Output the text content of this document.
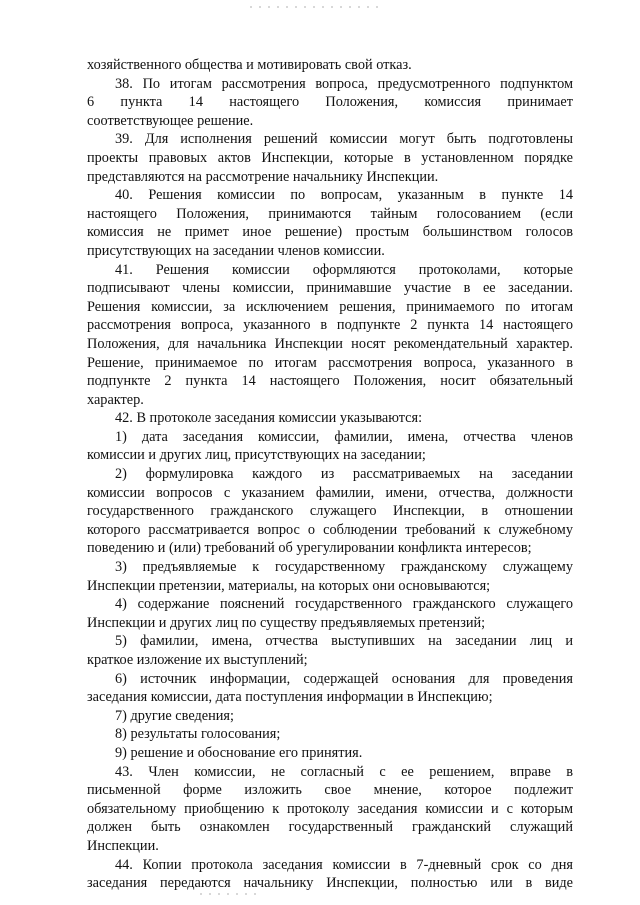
хозяйственного общества и мотивировать свой отказ.
38. По итогам рассмотрения вопроса, предусмотренного подпунктом
6 пункта 14 настоящего Положения, комиссия принимает
соответствующее решение.
39. Для исполнения решений комиссии могут быть подготовлены
проекты правовых актов Инспекции, которые в установленном порядке
представляются на рассмотрение начальнику Инспекции.
40. Решения комиссии по вопросам, указанным в пункте 14
настоящего Положения, принимаются тайным голосованием (если
комиссия не примет иное решение) простым большинством голосов
присутствующих на заседании членов комиссии.
41. Решения комиссии оформляются протоколами, которые
подписывают члены комиссии, принимавшие участие в ее заседании.
Решения комиссии, за исключением решения, принимаемого по итогам
рассмотрения вопроса, указанного в подпункте 2 пункта 14 настоящего
Положения, для начальника Инспекции носят рекомендательный характер.
Решение, принимаемое по итогам рассмотрения вопроса, указанного в
подпункте 2 пункта 14 настоящего Положения, носит обязательный
характер.
42. В протоколе заседания комиссии указываются:
1) дата заседания комиссии, фамилии, имена, отчества членов
комиссии и других лиц, присутствующих на заседании;
2) формулировка каждого из рассматриваемых на заседании
комиссии вопросов с указанием фамилии, имени, отчества, должности
государственного гражданского служащего Инспекции, в отношении
которого рассматривается вопрос о соблюдении требований к служебному
поведению и (или) требований об урегулировании конфликта интересов;
3) предъявляемые к государственному гражданскому служащему
Инспекции претензии, материалы, на которых они основываются;
4) содержание пояснений государственного гражданского служащего
Инспекции и других лиц по существу предъявляемых претензий;
5) фамилии, имена, отчества выступивших на заседании лиц и
краткое изложение их выступлений;
6) источник информации, содержащей основания для проведения
заседания комиссии, дата поступления информации в Инспекцию;
7) другие сведения;
8) результаты голосования;
9) решение и обоснование его принятия.
43. Член комиссии, не согласный с ее решением, вправе в
письменной форме изложить свое мнение, которое подлежит
обязательному приобщению к протоколу заседания комиссии и с которым
должен быть ознакомлен государственный гражданский служащий
Инспекции.
44. Копии протокола заседания комиссии в 7-дневный срок со дня
заседания передаются начальнику Инспекции, полностью или в виде
